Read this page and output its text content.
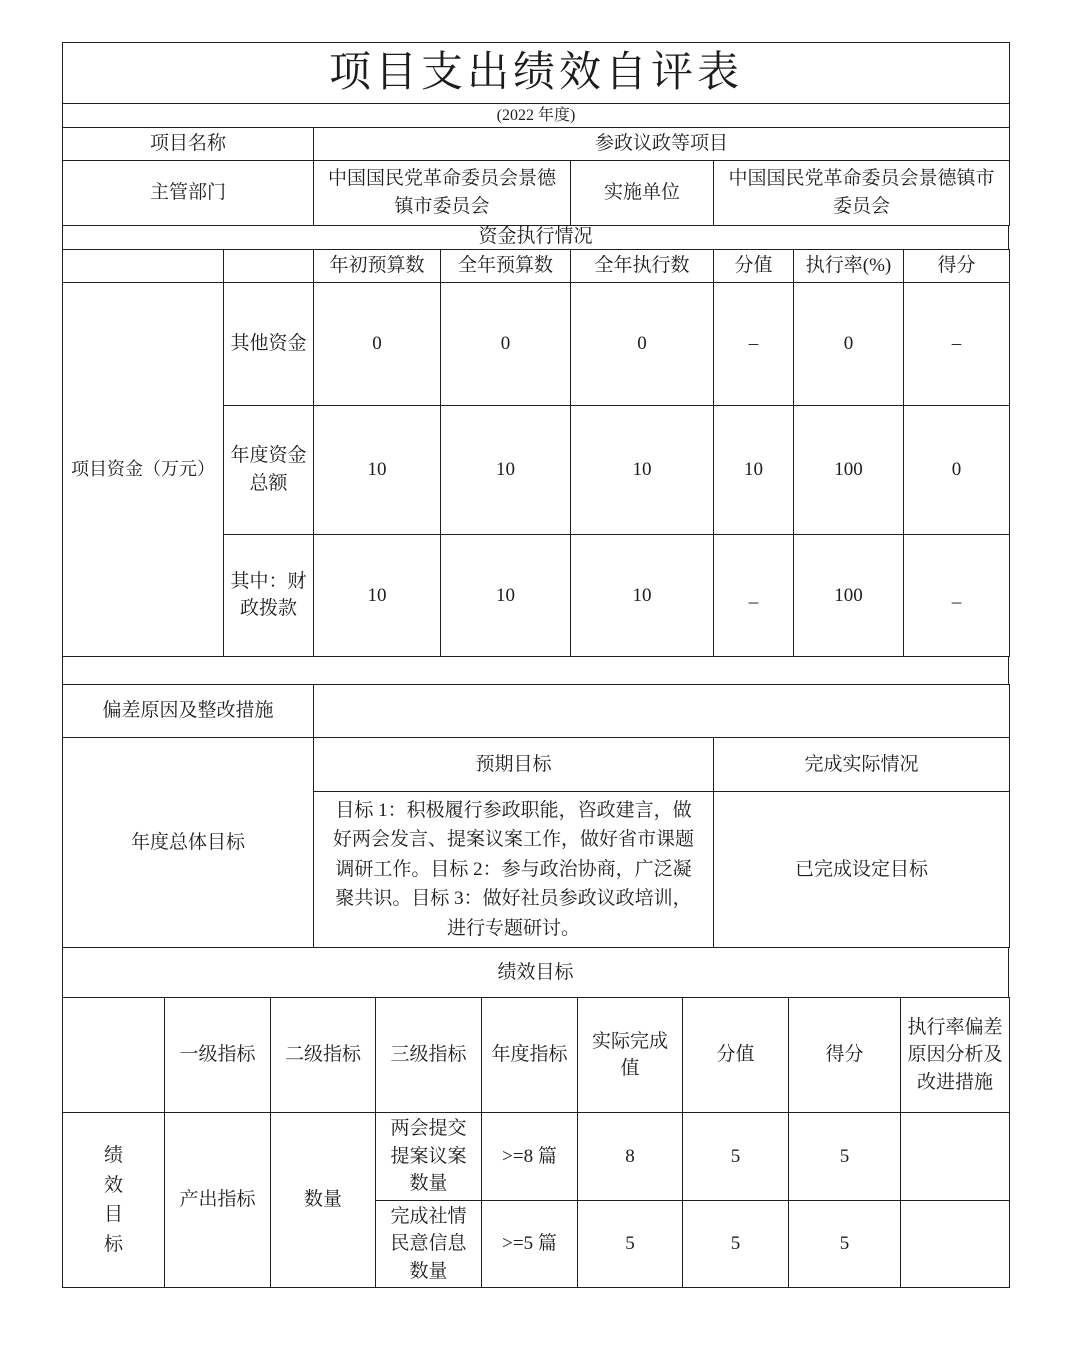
项目支出绩效自评表			
(2022 年度)			
项目名称	参政议政等项目		
主管部门	中国国民党革命委员会景德镇市委员会	实施单位	中国国民党革命委员会景德镇市委员会
资金执行情况
		年初预算数	全年预算数	全年执行数	分值	执行率(%)	得分
项目资金（万元）	其他资金	0	0	0	–	0	–
	年度资金总额	10	10	10	10	100	0
	其中：财政拨款	10	10	10	_	100	_
偏差原因及整改措施	
年度总体目标	预期目标	完成实际情况
	目标 1：积极履行参政职能，咨政建言，做好两会发言、提案议案工作，做好省市课题调研工作。目标 2：参与政治协商，广泛凝聚共识。目标 3：做好社员参政议政培训，进行专题研讨。	已完成设定目标
绩效目标
	一级指标	二级指标	三级指标	年度指标	实际完成值	分值	得分	执行率偏差原因分析及改进措施
绩效目标	产出指标	数量	两会提交提案议案数量	>=8 篇	8	5	5	
			完成社情民意信息数量	>=5 篇	5	5	5	
